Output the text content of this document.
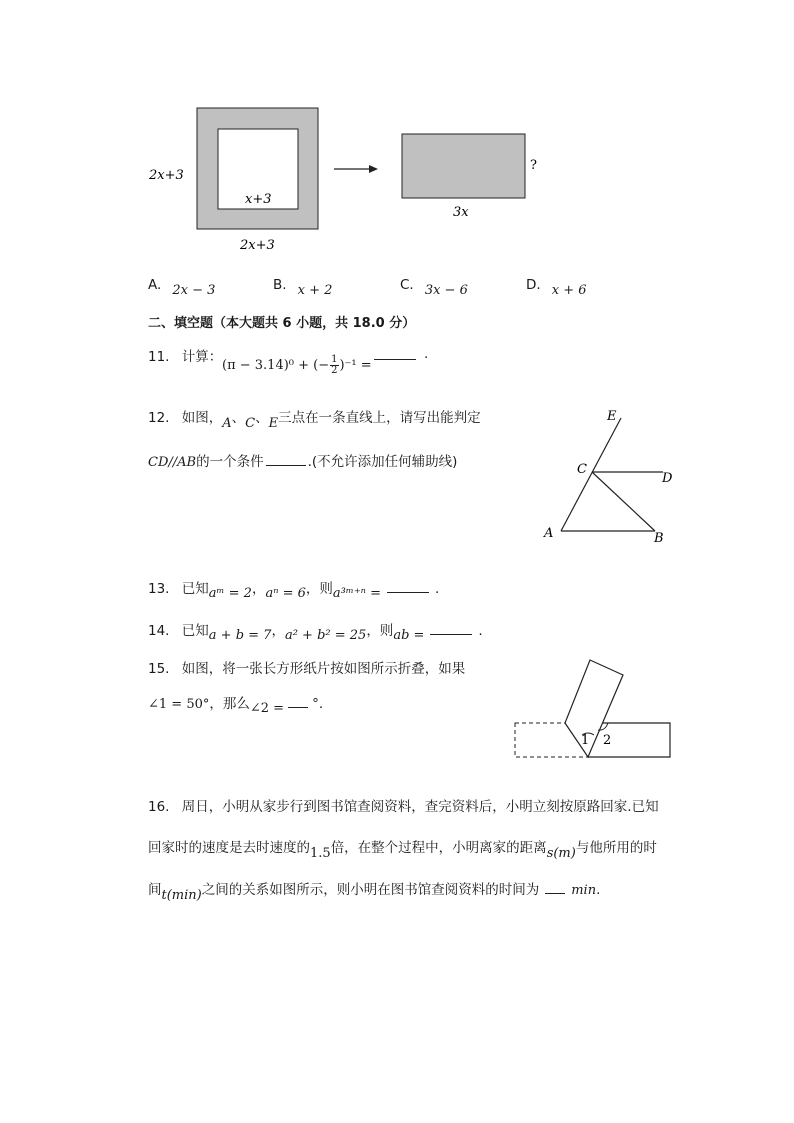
2x+3
x+3
2x+3
3x
?
A. $_{2x - 3}$	B. $_{x + 2}$	C. $_{3x - 6}$	D. $_{x + 6}$
二、填空题（本大题共 6 小题，共 18.0 分）
11. 计算：
(π − 3.14)⁰ + (− $\frac{1}{2} )^{-1}$ =
.
12. 如图，A、C、E三点在一条直线上，请写出能判定
CD//AB的一个条件	.(不允许添加任何辅助线)
E
C
D
A	B
13. 已知aᵐ = 2，aⁿ = 6，则a³ᵐ⁺ⁿ =	.
14. 已知a + b = 7，a² + b² = 25，则ab =	.
15. 如图，将一张长方形纸片按如图所示折叠，如果
∠1 = 50°，那么∠2 = °.
1 2
16. 周日，小明从家步行到图书馆查阅资料，查完资料后，小明立刻按原路回家.已知
回家时的速度是去时速度的1.5倍，在整个过程中，小明离家的距离s(m)与他所用的时
间t(min)之间的关系如图所示，则小明在图书馆查阅资料的时间为 min.
